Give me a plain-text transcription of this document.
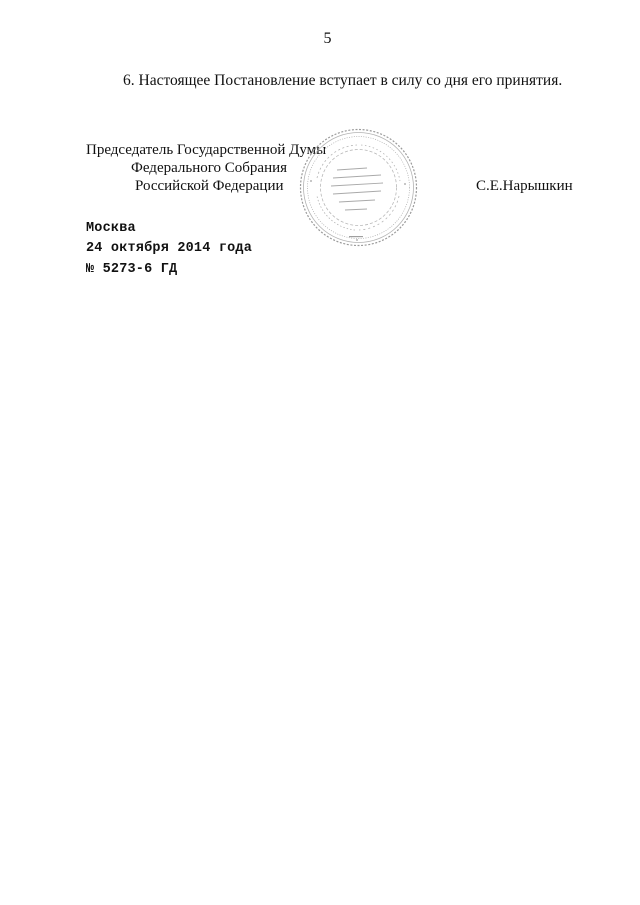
5
6. Настоящее Постановление вступает в силу со дня его принятия.
Председатель Государственной Думы
Федерального Собрания
Российской Федерации	С.Е.Нарышкин
Москва
24 октября 2014 года
№ 5273-6 ГД
